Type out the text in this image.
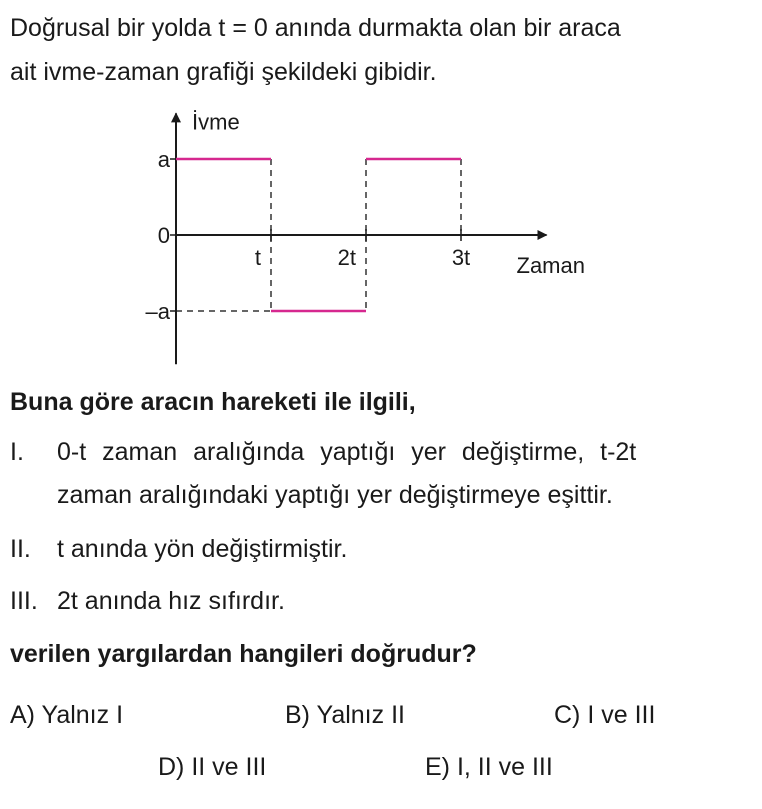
Doğrusal bir yolda t = 0 anında durmakta olan bir araca
ait ivme-zaman grafiği şekildeki gibidir.
İvme
Zaman
t	2t	3t
a
0
–a
Buna göre aracın hareketi ile ilgili,
I. 0-t zaman aralığında yaptığı yer değiştirme, t-2t
zaman aralığındaki yaptığı yer değiştirmeye eşittir.
II. t anında yön değiştirmiştir.
III. 2t anında hız sıfırdır.
verilen yargılardan hangileri doğrudur?
A) Yalnız I	B) Yalnız II	C) I ve III
D) II ve III	E) I, II ve III
